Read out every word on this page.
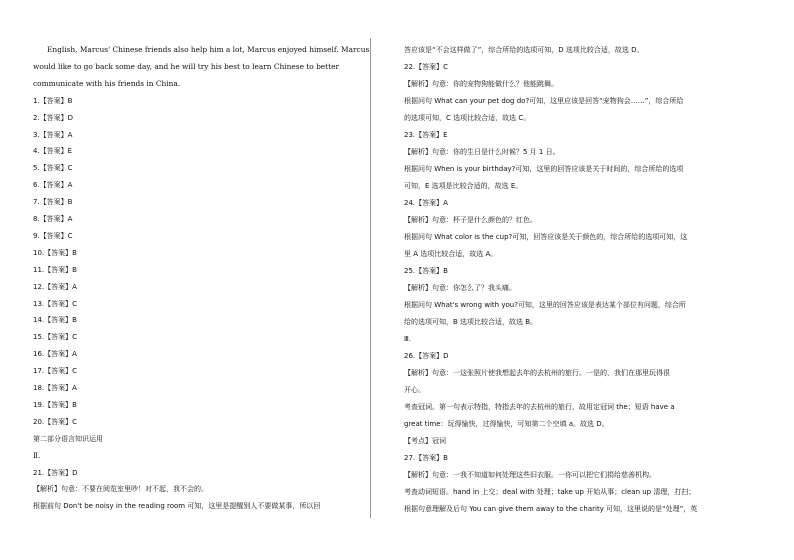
English, Marcus' Chinese friends also help him a lot, Marcus enjoyed himself. Marcus
would like to go back some day, and he will try his best to learn Chinese to better
communicate with his friends in China.
1.【答案】B
2.【答案】D
3.【答案】A
4.【答案】E
5.【答案】C
6.【答案】A
7.【答案】B
8.【答案】A
9.【答案】C
10.【答案】B
11.【答案】B
12.【答案】A
13.【答案】C
14.【答案】B
15.【答案】C
16.【答案】A
17.【答案】C
18.【答案】A
19.【答案】B
20.【答案】C
第二部分语言知识运用
Ⅱ.
21.【答案】D
【解析】句意：不要在阅览室里吵！对不起，我不会的。
根据前句 Don't be noisy in the reading room 可知，这里是提醒别人不要做某事，所以回
答应该是“不会这样做了”，综合所给的选项可知，D 选项比较合适，故选 D。
22.【答案】C
【解析】句意：你的宠物狗能做什么？他能跳舞。
根据问句 What can your pet dog do?可知，这里应该是回答“宠物狗会……”，综合所给
的选项可知，C 选项比较合适，故选 C。
23.【答案】E
【解析】句意：你的生日是什么时候？5 月 1 日。
根据问句 When is your birthday?可知，这里的回答应该是关于时间的，综合所给的选项
可知，E 选项是比较合适的，故选 E。
24.【答案】A
【解析】句意：杯子是什么颜色的？红色。
根据问句 What color is the cup?可知，回答应该是关于颜色的，综合所给的选项可知，这
里 A 选项比较合适，故选 A。
25.【答案】B
【解析】句意：你怎么了？我头痛。
根据问句 What's wrong with you?可知，这里的回答应该是表达某个部位有问题，综合所
给的选项可知，B 选项比较合适，故选 B。
Ⅲ.
26.【答案】D
【解析】句意：一这张照片使我想起去年的去杭州的旅行。一是的，我们在那里玩得很
开心。
考查冠词。第一句表示特指，特指去年的去杭州的旅行，故用定冠词 the；短语 have a
great time：玩得愉快，过得愉快，可知第二个空填 a。故选 D。
【考点】冠词
27.【答案】B
【解析】句意：一我不知道如何处理这些旧衣服。一你可以把它们捐给慈善机构。
考查动词短语。hand in 上交；deal with 处理；take up 开始从事；clean up 清理，打扫；
根据句意理解及后句 You can give them away to the charity 可知，这里说的是“处理”，英
